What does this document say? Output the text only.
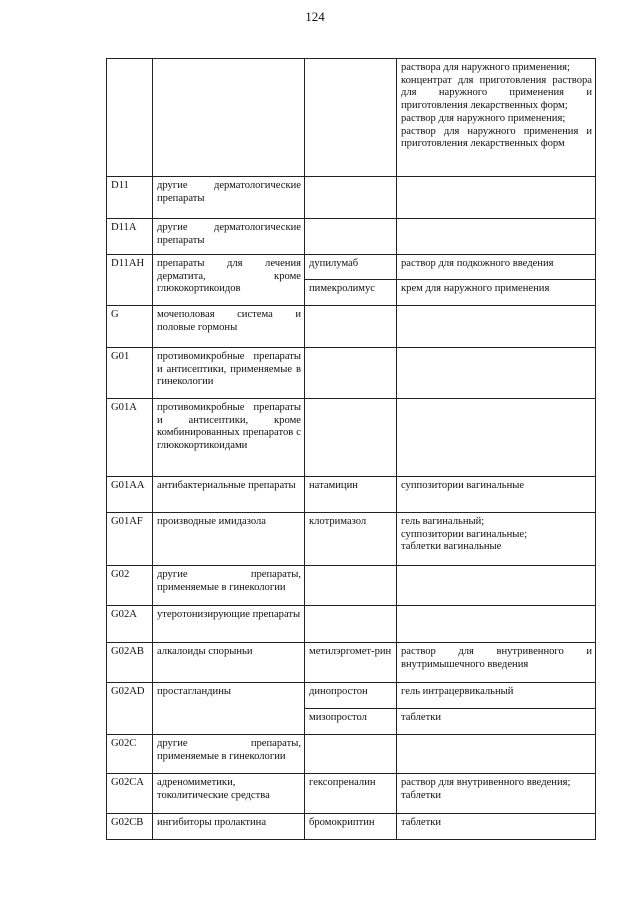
124

			раствора для наружного применения;
концентрат для приготовления раствора для наружного применения и приготовления лекарственных форм;
раствор для наружного применения;
раствор для наружного применения и приготовления лекарственных форм

D11	другие дерматологические препараты		
D11A	другие дерматологические препараты		
D11AH	препараты для лечения дерматита, кроме глюкокортикоидов	дупилумаб	раствор для подкожного введения

		пимекролимус	крем для наружного применения

G	мочеполовая система и половые гормоны		
G01	противомикробные препараты и антисептики, применяемые в гинекологии		
G01A	противомикробные препараты и антисептики, кроме комбинированных препаратов с глюкокортикоидами		
G01AA	антибактериальные препараты	натамицин	суппозитории вагинальные

G01AF	производные имидазола	клотримазол	гель вагинальный;
суппозитории вагинальные;
таблетки вагинальные

G02	другие препараты, применяемые в гинекологии		
G02A	утеротонизирующие препараты		
G02AB	алкалоиды спорыньи	метилэргомет-рин	раствор для внутривенного и внутримышечного введения

G02AD	простагландины	динопростон	гель интрацервикальный

		мизопростол	таблетки

G02C	другие препараты, применяемые в гинекологии		
G02CA	адреномиметики, токолитические средства	гексопреналин	раствор для внутривенного введения;
таблетки

G02CB	ингибиторы пролактина	бромокриптин	таблетки
